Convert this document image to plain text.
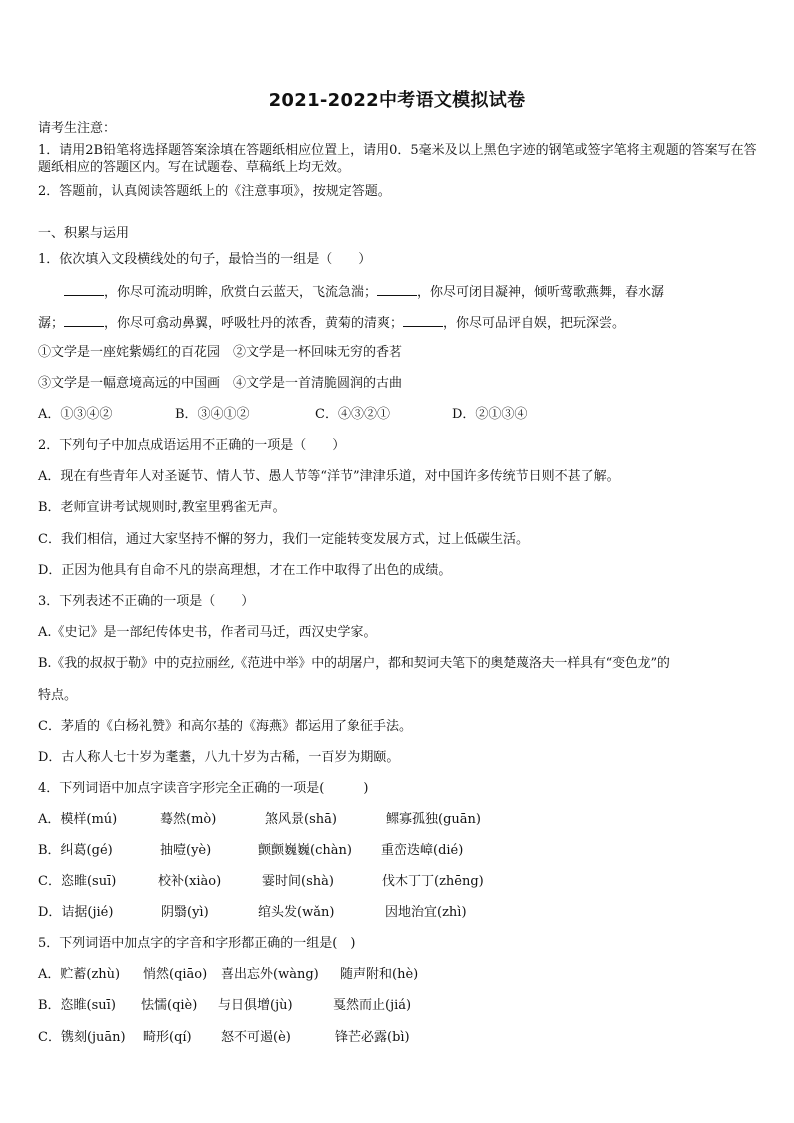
2021-2022中考语文模拟试卷
请考生注意：
1．请用2B铅笔将选择题答案涂填在答题纸相应位置上，请用0．5毫米及以上黑色字迹的钢笔或签字笔将主观题的答案写在答题纸相应的答题区内。写在试题卷、草稿纸上均无效。
2．答题前，认真阅读答题纸上的《注意事项》，按规定答题。
一、积累与运用
1．依次填入文段横线处的句子，最恰当的一组是（　　）
，你尽可流动明眸，欣赏白云蓝天，飞流急湍；	，你尽可闭目凝神，倾听莺歌燕舞，春水潺
潺；	，你尽可翕动鼻翼，呼吸牡丹的浓香，黄菊的清爽；	，你尽可品评自娱，把玩深尝。
①文学是一座姹紫嫣红的百花园　②文学是一杯回味无穷的香茗
③文学是一幅意境高远的中国画　④文学是一首清脆圆润的古曲
A．①③④②	B．③④①②	C．④③②①	D．②①③④
2．下列句子中加点成语运用不正确的一项是（　　）
A．现在有些青年人对圣诞节、情人节、愚人节等“洋节”津津乐道，对中国许多传统节日则不甚了解。
B．老师宣讲考试规则时,教室里鸦雀无声。
C．我们相信，通过大家坚持不懈的努力，我们一定能转变发展方式，过上低碳生活。
D．正因为他具有自命不凡的崇高理想，才在工作中取得了出色的成绩。
3．下列表述不正确的一项是（　　）
A.《史记》是一部纪传体史书，作者司马迁，西汉史学家。
B.《我的叔叔于勒》中的克拉丽丝,《范进中举》中的胡屠户，都和契诃夫笔下的奥楚蔑洛夫一样具有“变色龙”的
特点。
C．茅盾的《白杨礼赞》和高尔基的《海燕》都运用了象征手法。
D．古人称人七十岁为耄耋，八九十岁为古稀，一百岁为期颐。
4．下列词语中加点字读音字形完全正确的一项是(　　　)
A．模样(mú)	蓦然(mò)	煞风景(shā)	鳏寡孤独(guān)
B．纠葛(gé)	抽噎(yè)	颤颤巍巍(chàn) 重峦迭嶂(dié)
C．恣睢(suī)	校补(xiào)	霎时间(shà)	伐木丁丁(zhēng)
D．诘据(jié)	阴翳(yì)	绾头发(wǎn)	因地治宜(zhì)
5．下列词语中加点字的字音和字形都正确的一组是(　)
A．贮蓄(zhù) 悄然(qiāo) 喜出忘外(wàng) 随声附和(hè)
B．恣睢(suī) 怯懦(qiè) 与日俱增(jù)	戛然而止(jiá)
C．镌刻(juān) 畸形(qí) 怒不可遏(è)	锋芒必露(bì)
